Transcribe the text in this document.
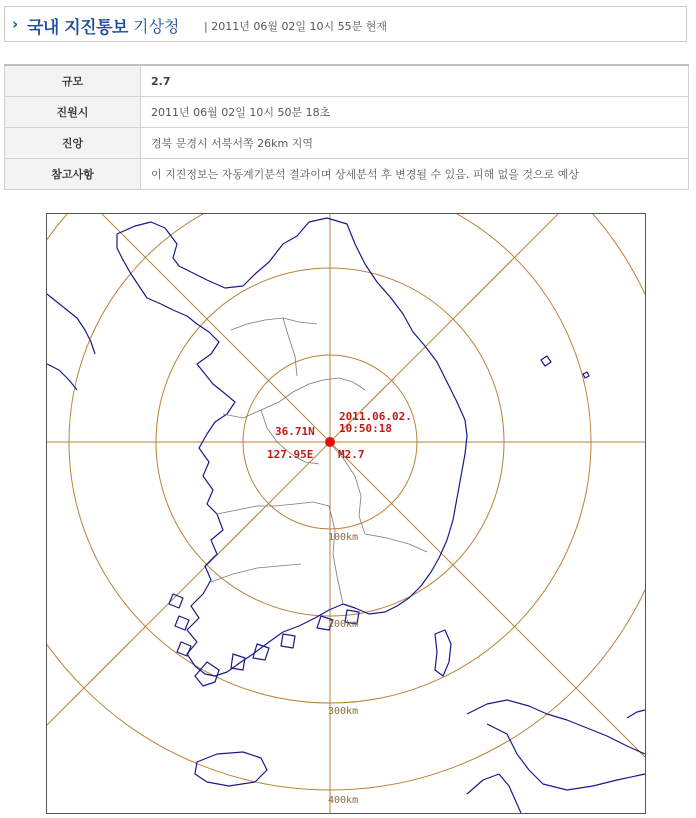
› 국내 지진통보 기상청 | 2011년 06월 02일 10시 55분 현재
규모	2.7
진원시	2011년 06월 02일 10시 50분 18초
진앙	경북 문경시 서북서쪽 26km 지역
참고사항	이 지진정보는 자동계기분석 결과이며 상세분석 후 변경될 수 있음. 피해 없을 것으로 예상
100km
200km
300km
400km
36.71N
127.95E
2011.06.02.
10:50:18
M2.7
